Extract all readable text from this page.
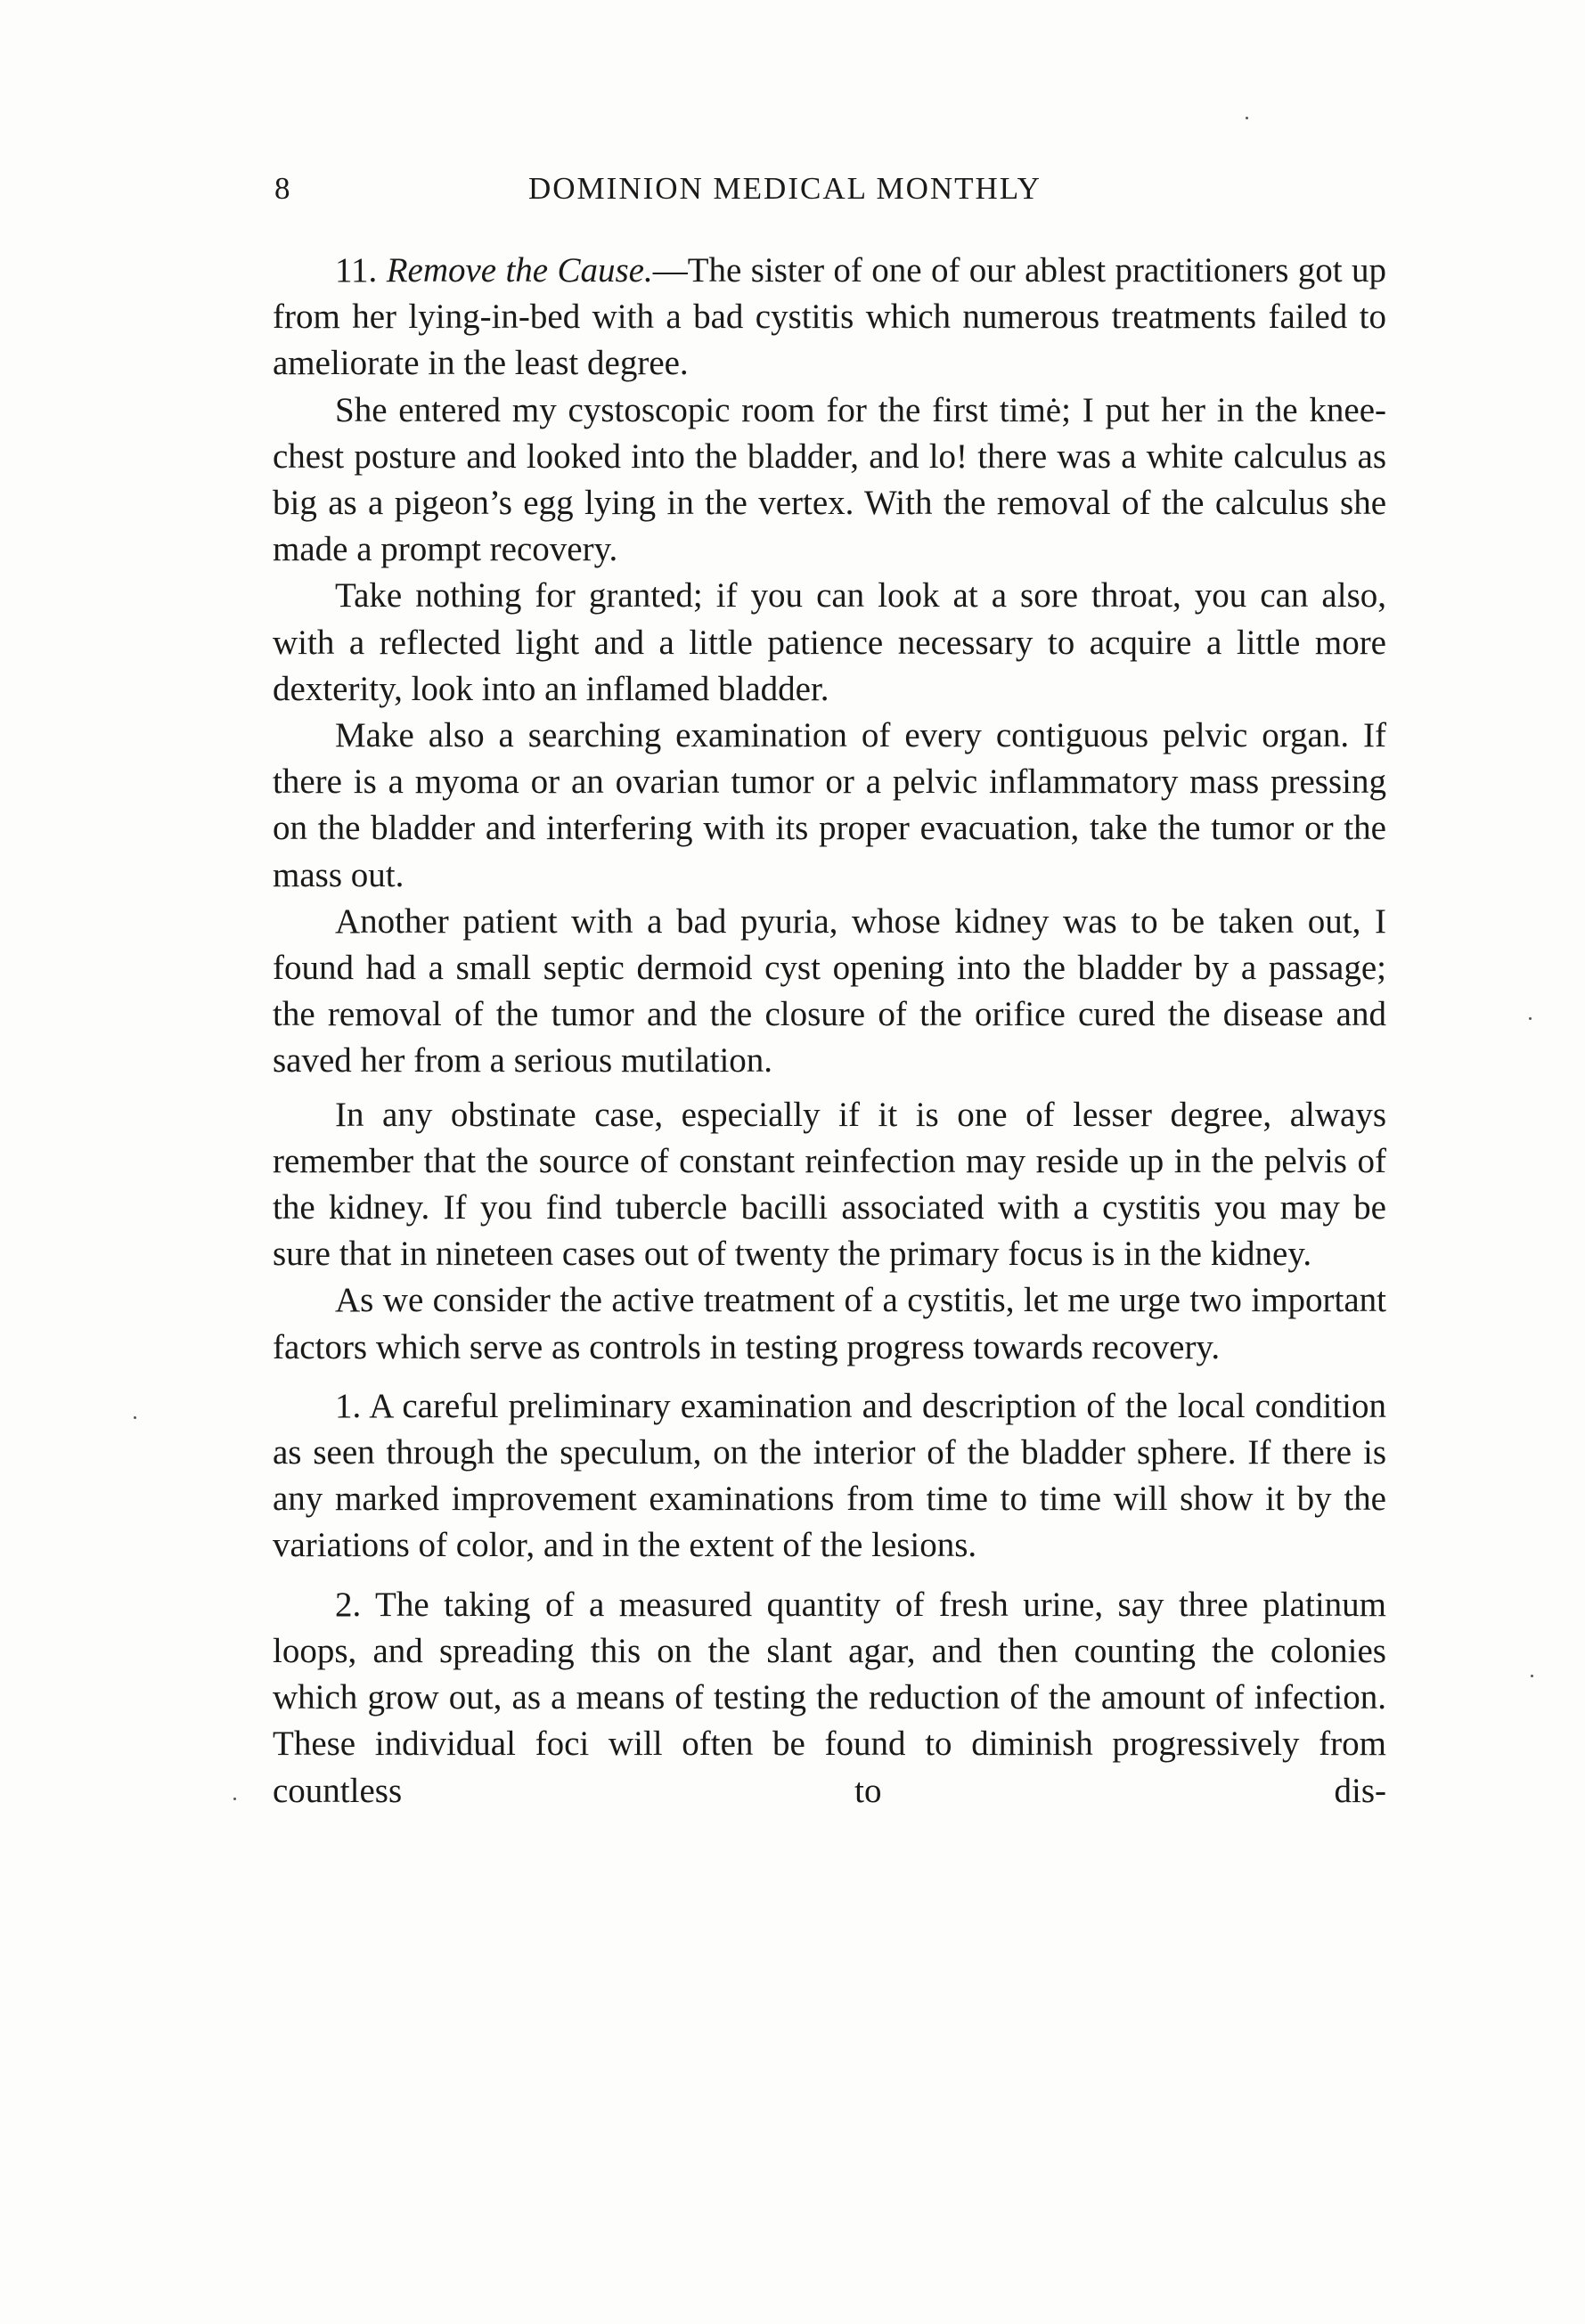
8	DOMINION MEDICAL MONTHLY

11. Remove the Cause.—The sister of one of our ablest practitioners got up from her lying-in-bed with a bad cystitis which numerous treatments failed to ameliorate in the least degree.

She entered my cystoscopic room for the first timė; I put her in the knee-chest posture and looked into the bladder, and lo! there was a white calculus as big as a pigeon’s egg lying in the vertex. With the removal of the calculus she made a prompt recovery.

Take nothing for granted; if you can look at a sore throat, you can also, with a reflected light and a little patience necessary to acquire a little more dexterity, look into an inflamed bladder.

Make also a searching examination of every contiguous pelvic organ. If there is a myoma or an ovarian tumor or a pelvic inflammatory mass pressing on the bladder and interfering with its proper evacuation, take the tumor or the mass out.

Another patient with a bad pyuria, whose kidney was to be taken out, I found had a small septic dermoid cyst opening into the bladder by a passage; the removal of the tumor and the closure of the orifice cured the disease and saved her from a serious mutilation.

In any obstinate case, especially if it is one of lesser degree, always remember that the source of constant reinfection may reside up in the pelvis of the kidney. If you find tubercle bacilli associated with a cystitis you may be sure that in nineteen cases out of twenty the primary focus is in the kidney.

As we consider the active treatment of a cystitis, let me urge two important factors which serve as controls in testing progress towards recovery.

1. A careful preliminary examination and description of the local condition as seen through the speculum, on the interior of the bladder sphere. If there is any marked improvement examinations from time to time will show it by the variations of color, and in the extent of the lesions.

2. The taking of a measured quantity of fresh urine, say three platinum loops, and spreading this on the slant agar, and then counting the colonies which grow out, as a means of testing the reduction of the amount of infection. These individual foci will often be found to diminish progressively from countless to dis-
